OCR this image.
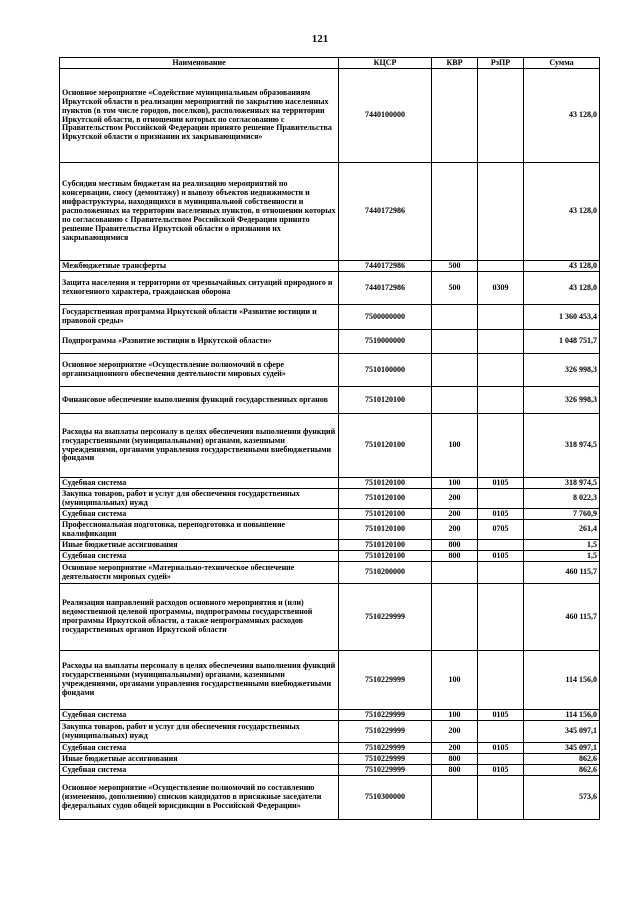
121
Наименование	КЦСР	КВР	РзПР	Сумма
Основное мероприятие «Содействие муниципальным образованиям Иркутской области в реализации мероприятий по закрытию населенных пунктов (в том числе городов, поселков), расположенных на территории Иркутской области, в отношении которых по согласованию с Правительством Российской Федерации принято решение Правительства Иркутской области о признании их закрывающимися»	7440100000			43 128,0
Субсидия местным бюджетам на реализацию мероприятий по консервации, сносу (демонтажу) и вывозу объектов недвижимости и инфраструктуры, находящихся в муниципальной собственности и расположенных на территории населенных пунктов, в отношении которых по согласованию с Правительством Российской Федерации принято решение Правительства Иркутской области о признании их закрывающимися	7440172986			43 128,0
Межбюджетные трансферты	7440172986	500		43 128,0
Защита населения и территории от чрезвычайных ситуаций природного и техногенного характера, гражданская оборона	7440172986	500	0309	43 128,0
Государственная программа Иркутской области «Развитие юстиции и правовой среды»	7500000000			1 360 453,4
Подпрограмма «Развитие юстиции в Иркутской области»	7510000000			1 048 751,7
Основное мероприятие «Осуществление полномочий в сфере организационного обеспечения деятельности мировых судей»	7510100000			326 998,3
Финансовое обеспечение выполнения функций государственных органов	7510120100			326 998,3
Расходы на выплаты персоналу в целях обеспечения выполнения функций государственными (муниципальными) органами, казенными учреждениями, органами управления государственными внебюджетными фондами	7510120100	100		318 974,5
Судебная система	7510120100	100	0105	318 974,5
Закупка товаров, работ и услуг для обеспечения государственных (муниципальных) нужд	7510120100	200		8 022,3
Судебная система	7510120100	200	0105	7 760,9
Профессиональная подготовка, переподготовка и повышение квалификации	7510120100	200	0705	261,4
Иные бюджетные ассигнования	7510120100	800		1,5
Судебная система	7510120100	800	0105	1,5
Основное мероприятие «Материально-техническое обеспечение деятельности мировых судей»	7510200000			460 115,7
Реализация направлений расходов основного мероприятия и (или) ведомственной целевой программы, подпрограммы государственной программы Иркутской области, а также непрограммных расходов государственных органов Иркутской области	7510229999			460 115,7
Расходы на выплаты персоналу в целях обеспечения выполнения функций государственными (муниципальными) органами, казенными учреждениями, органами управления государственными внебюджетными фондами	7510229999	100		114 156,0
Судебная система	7510229999	100	0105	114 156,0
Закупка товаров, работ и услуг для обеспечения государственных (муниципальных) нужд	7510229999	200		345 097,1
Судебная система	7510229999	200	0105	345 097,1
Иные бюджетные ассигнования	7510229999	800		862,6
Судебная система	7510229999	800	0105	862,6
Основное мероприятие «Осуществление полномочий по составлению (изменению, дополнению) списков кандидатов в присяжные заседатели федеральных судов общей юрисдикции в Российской Федерации»	7510300000			573,6
